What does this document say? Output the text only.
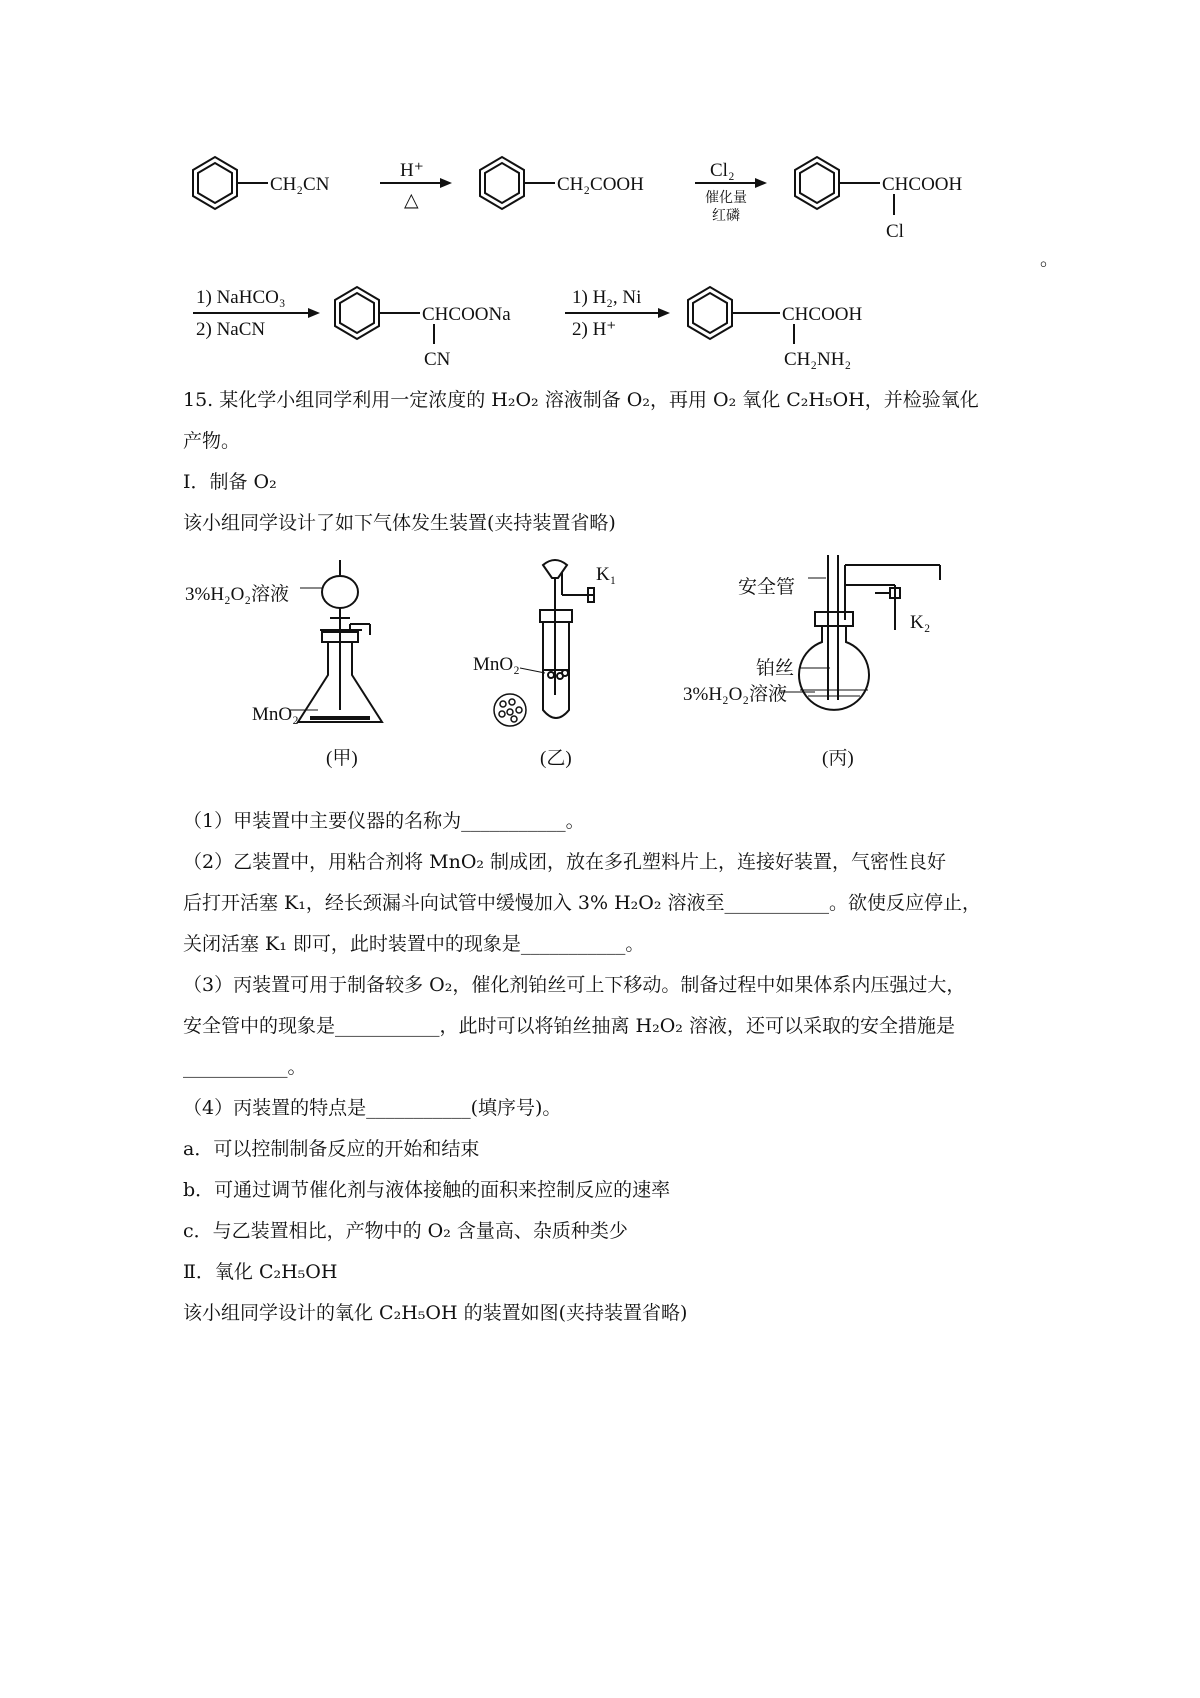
CH₂CN
H⁺
△
CH₂COOH
Cl₂
催化量
红磷
CHCOOH
Cl
。
1) NaHCO₃
2) NaCN
CHCOONa
CN
1) H₂, Ni
2) H⁺
CHCOOH
CH₂NH₂
15. 某化学小组同学利用一定浓度的 H₂O₂ 溶液制备 O₂，再用 O₂ 氧化 C₂H₅OH，并检验氧化
产物。
Ⅰ．制备 O₂
该小组同学设计了如下气体发生装置(夹持装置省略)
3%H₂O₂溶液
MnO₂
(甲)
K₁
MnO₂
(乙)
安全管
K₂
铂丝
3%H₂O₂溶液
(丙)
（1）甲装置中主要仪器的名称为___________。
（2）乙装置中，用粘合剂将 MnO₂ 制成团，放在多孔塑料片上，连接好装置，气密性良好
后打开活塞 K₁，经长颈漏斗向试管中缓慢加入 3% H₂O₂ 溶液至___________。欲使反应停止，
关闭活塞 K₁ 即可，此时装置中的现象是___________。
（3）丙装置可用于制备较多 O₂，催化剂铂丝可上下移动。制备过程中如果体系内压强过大，
安全管中的现象是___________，此时可以将铂丝抽离 H₂O₂ 溶液，还可以采取的安全措施是
___________。
（4）丙装置的特点是___________(填序号)。
a．可以控制制备反应的开始和结束
b．可通过调节催化剂与液体接触的面积来控制反应的速率
c．与乙装置相比，产物中的 O₂ 含量高、杂质种类少
Ⅱ．氧化 C₂H₅OH
该小组同学设计的氧化 C₂H₅OH 的装置如图(夹持装置省略)
